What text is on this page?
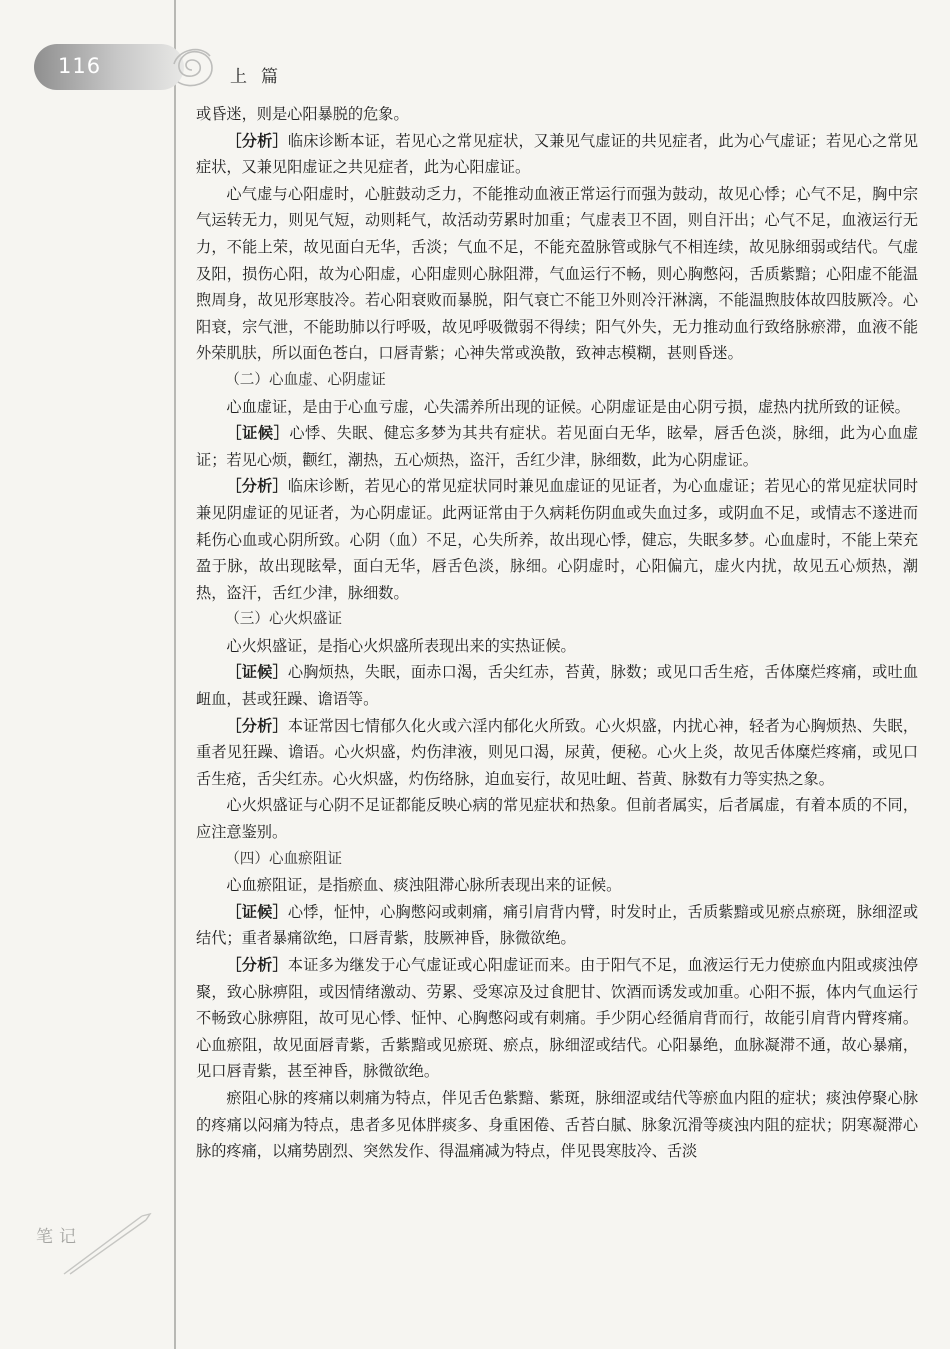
116	上篇

或昏迷，则是心阳暴脱的危象。

［分析］临床诊断本证，若见心之常见症状，又兼见气虚证的共见症者，此为心气虚证；若见心之常见症状，又兼见阳虚证之共见症者，此为心阳虚证。

心气虚与心阳虚时，心脏鼓动乏力，不能推动血液正常运行而强为鼓动，故见心悸；心气不足，胸中宗气运转无力，则见气短，动则耗气，故活动劳累时加重；气虚表卫不固，则自汗出；心气不足，血液运行无力，不能上荣，故见面白无华，舌淡；气血不足，不能充盈脉管或脉气不相连续，故见脉细弱或结代。气虚及阳，损伤心阳，故为心阳虚，心阳虚则心脉阻滞，气血运行不畅，则心胸憋闷，舌质紫黯；心阳虚不能温煦周身，故见形寒肢冷。若心阳衰败而暴脱，阳气衰亡不能卫外则冷汗淋漓，不能温煦肢体故四肢厥冷。心阳衰，宗气泄，不能助肺以行呼吸，故见呼吸微弱不得续；阳气外失，无力推动血行致络脉瘀滞，血液不能外荣肌肤，所以面色苍白，口唇青紫；心神失常或涣散，致神志模糊，甚则昏迷。

（二）心血虚、心阴虚证

心血虚证，是由于心血亏虚，心失濡养所出现的证候。心阴虚证是由心阴亏损，虚热内扰所致的证候。

［证候］心悸、失眠、健忘多梦为其共有症状。若见面白无华，眩晕，唇舌色淡，脉细，此为心血虚证；若见心烦，颧红，潮热，五心烦热，盗汗，舌红少津，脉细数，此为心阴虚证。

［分析］临床诊断，若见心的常见症状同时兼见血虚证的见证者，为心血虚证；若见心的常见症状同时兼见阴虚证的见证者，为心阴虚证。此两证常由于久病耗伤阴血或失血过多，或阴血不足，或情志不遂进而耗伤心血或心阴所致。心阴（血）不足，心失所养，故出现心悸，健忘，失眠多梦。心血虚时，不能上荣充盈于脉，故出现眩晕，面白无华，唇舌色淡，脉细。心阴虚时，心阳偏亢，虚火内扰，故见五心烦热，潮热，盗汗，舌红少津，脉细数。

（三）心火炽盛证

心火炽盛证，是指心火炽盛所表现出来的实热证候。

［证候］心胸烦热，失眠，面赤口渴，舌尖红赤，苔黄，脉数；或见口舌生疮，舌体糜烂疼痛，或吐血衄血，甚或狂躁、谵语等。

［分析］本证常因七情郁久化火或六淫内郁化火所致。心火炽盛，内扰心神，轻者为心胸烦热、失眠，重者见狂躁、谵语。心火炽盛，灼伤津液，则见口渴，尿黄，便秘。心火上炎，故见舌体糜烂疼痛，或见口舌生疮，舌尖红赤。心火炽盛，灼伤络脉，迫血妄行，故见吐衄、苔黄、脉数有力等实热之象。

心火炽盛证与心阴不足证都能反映心病的常见症状和热象。但前者属实，后者属虚，有着本质的不同，应注意鉴别。

（四）心血瘀阻证

心血瘀阻证，是指瘀血、痰浊阻滞心脉所表现出来的证候。

［证候］心悸，怔忡，心胸憋闷或刺痛，痛引肩背内臂，时发时止，舌质紫黯或见瘀点瘀斑，脉细涩或结代；重者暴痛欲绝，口唇青紫，肢厥神昏，脉微欲绝。

［分析］本证多为继发于心气虚证或心阳虚证而来。由于阳气不足，血液运行无力使瘀血内阻或痰浊停聚，致心脉痹阻，或因情绪激动、劳累、受寒凉及过食肥甘、饮酒而诱发或加重。心阳不振，体内气血运行不畅致心脉痹阻，故可见心悸、怔忡、心胸憋闷或有刺痛。手少阴心经循肩背而行，故能引肩背内臂疼痛。心血瘀阻，故见面唇青紫，舌紫黯或见瘀斑、瘀点，脉细涩或结代。心阳暴绝，血脉凝滞不通，故心暴痛，见口唇青紫，甚至神昏，脉微欲绝。

瘀阻心脉的疼痛以刺痛为特点，伴见舌色紫黯、紫斑，脉细涩或结代等瘀血内阻的症状；痰浊停聚心脉的疼痛以闷痛为特点，患者多见体胖痰多、身重困倦、舌苔白腻、脉象沉滑等痰浊内阻的症状；阴寒凝滞心脉的疼痛，以痛势剧烈、突然发作、得温痛减为特点，伴见畏寒肢冷、舌淡

笔记
